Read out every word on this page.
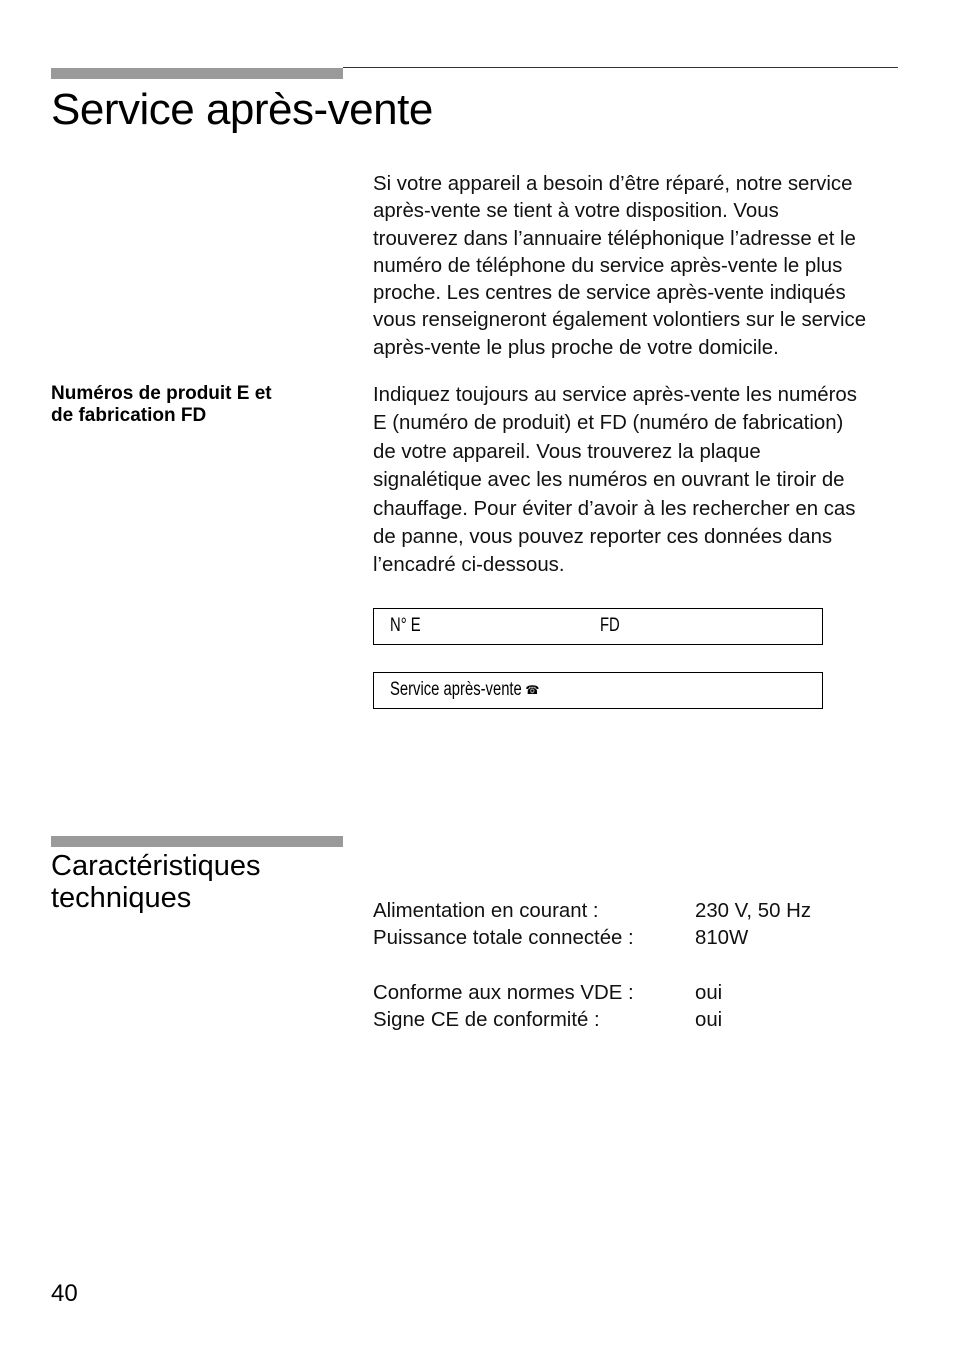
Service après-vente
Si votre appareil a besoin d’être réparé, notre service
après-vente se tient à votre disposition. Vous
trouverez dans l’annuaire téléphonique l’adresse et le
numéro de téléphone du service après-vente le plus
proche. Les centres de service après-vente indiqués
vous renseigneront également volontiers sur le service
après-vente le plus proche de votre domicile.
Numéros de produit E et
de fabrication FD
Indiquez toujours au service après-vente les numéros
E (numéro de produit) et FD (numéro de fabrication)
de votre appareil. Vous trouverez la plaque
signalétique avec les numéros en ouvrant le tiroir de
chauffage. Pour éviter d’avoir à les rechercher en cas
de panne, vous pouvez reporter ces données dans
l’encadré ci-dessous.
N° E	FD
Service après-vente ☎
Caractéristiques techniques	Alimentation en courant :	230 V, 50 Hz
Puissance totale connectée :	810W
Conforme aux normes VDE :	oui
Signe CE de conformité :	oui
40
